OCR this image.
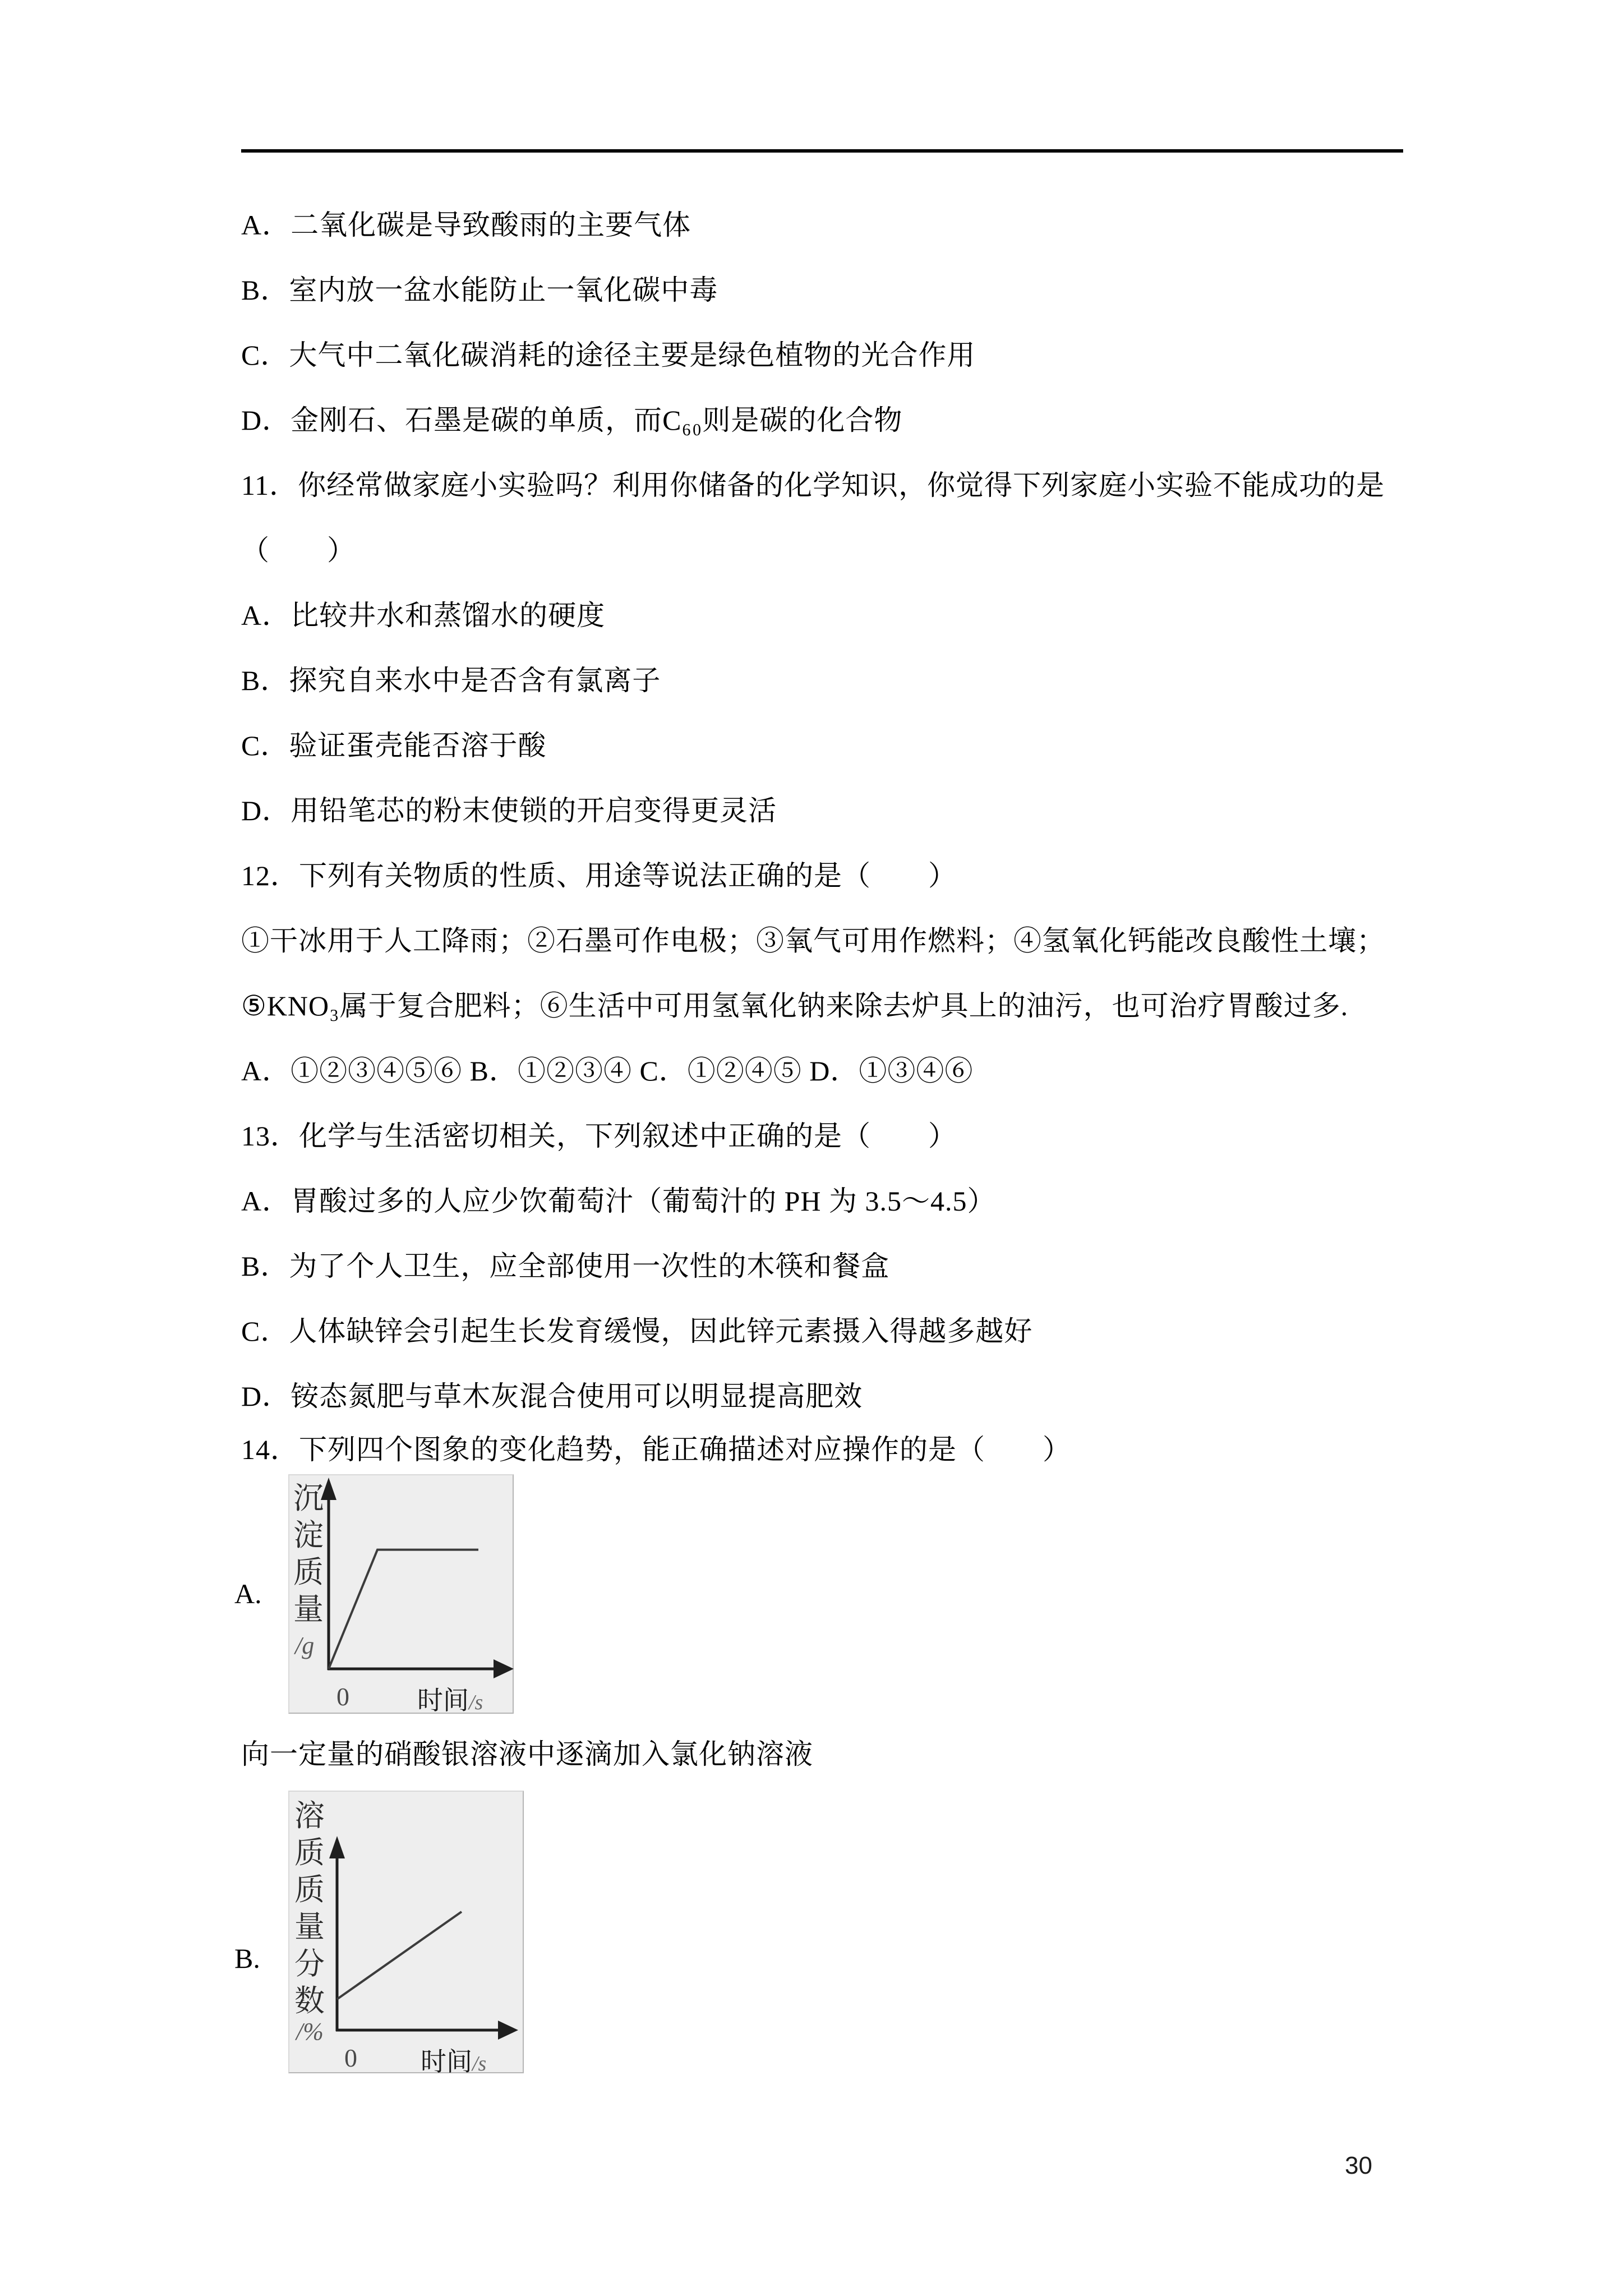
A．二氧化碳是导致酸雨的主要气体
B．室内放一盆水能防止一氧化碳中毒
C．大气中二氧化碳消耗的途径主要是绿色植物的光合作用
D．金刚石、石墨是碳的单质，而C₆₀则是碳的化合物
11．你经常做家庭小实验吗？利用你储备的化学知识，你觉得下列家庭小实验不能成功的是
（　　）
A．比较井水和蒸馏水的硬度
B．探究自来水中是否含有氯离子
C．验证蛋壳能否溶于酸
D．用铅笔芯的粉末使锁的开启变得更灵活
12．下列有关物质的性质、用途等说法正确的是（　　）
①干冰用于人工降雨；②石墨可作电极；③氧气可用作燃料；④氢氧化钙能改良酸性土壤；
⑤KNO₃属于复合肥料；⑥生活中可用氢氧化钠来除去炉具上的油污，也可治疗胃酸过多.
A．①②③④⑤⑥ B．①②③④ C．①②④⑤ D．①③④⑥
13．化学与生活密切相关，下列叙述中正确的是（　　）
A．胃酸过多的人应少饮葡萄汁（葡萄汁的 PH 为 3.5～4.5）
B．为了个人卫生，应全部使用一次性的木筷和餐盒
C．人体缺锌会引起生长发育缓慢，因此锌元素摄入得越多越好
D．铵态氮肥与草木灰混合使用可以明显提高肥效
14．下列四个图象的变化趋势，能正确描述对应操作的是（　　）
A.
沉淀质量
/g
0	时间/s
向一定量的硝酸银溶液中逐滴加入氯化钠溶液
B.
溶质质量分数
/%
0 时间/s
30
